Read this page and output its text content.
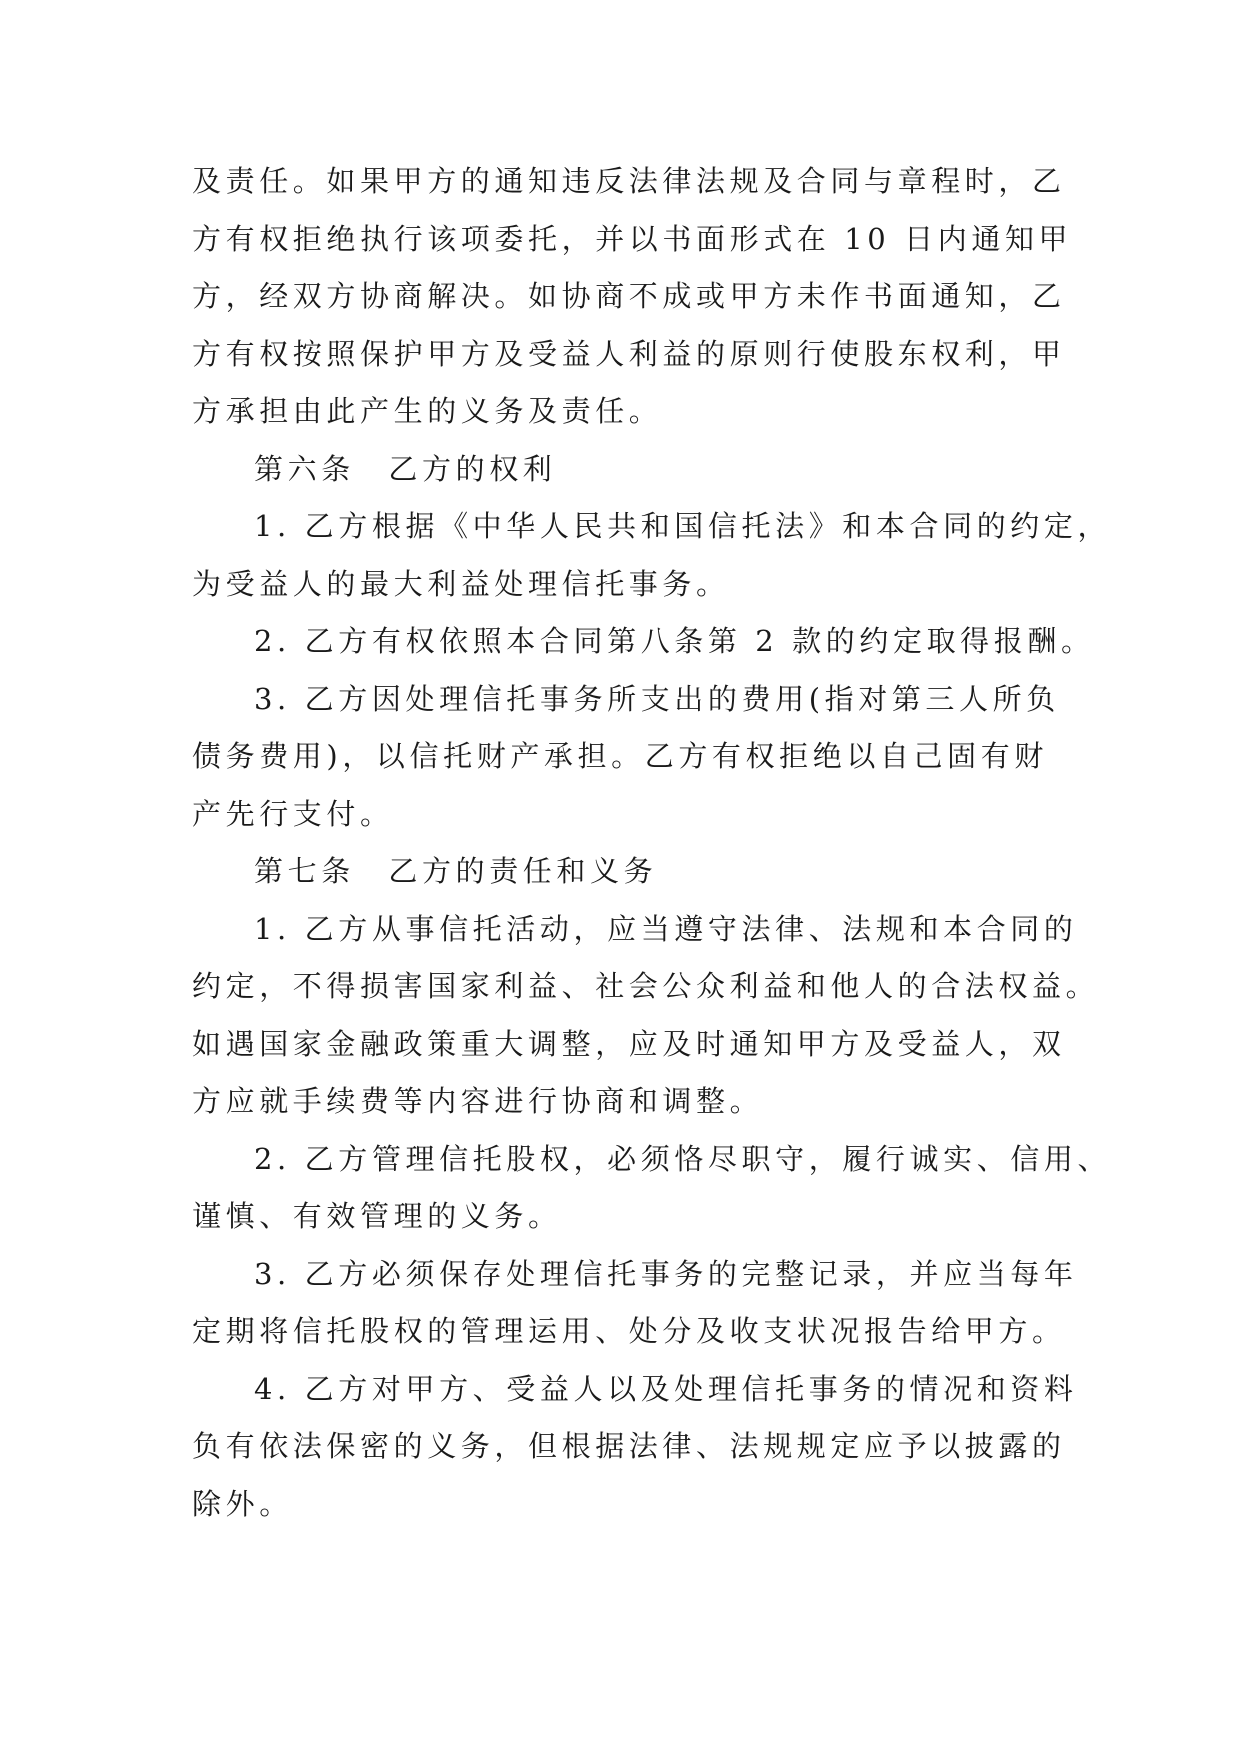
及责任。如果甲方的通知违反法律法规及合同与章程时，乙
方有权拒绝执行该项委托，并以书面形式在 10 日内通知甲
方，经双方协商解决。如协商不成或甲方未作书面通知，乙
方有权按照保护甲方及受益人利益的原则行使股东权利，甲
方承担由此产生的义务及责任。
第六条　乙方的权利
1. 乙方根据《中华人民共和国信托法》和本合同的约定，
为受益人的最大利益处理信托事务。
2. 乙方有权依照本合同第八条第 2 款的约定取得报酬。
3. 乙方因处理信托事务所支出的费用(指对第三人所负
债务费用)，以信托财产承担。乙方有权拒绝以自己固有财
产先行支付。
第七条　乙方的责任和义务
1. 乙方从事信托活动，应当遵守法律、法规和本合同的
约定，不得损害国家利益、社会公众利益和他人的合法权益。
如遇国家金融政策重大调整，应及时通知甲方及受益人，双
方应就手续费等内容进行协商和调整。
2. 乙方管理信托股权，必须恪尽职守，履行诚实、信用、
谨慎、有效管理的义务。
3. 乙方必须保存处理信托事务的完整记录，并应当每年
定期将信托股权的管理运用、处分及收支状况报告给甲方。
4. 乙方对甲方、受益人以及处理信托事务的情况和资料
负有依法保密的义务，但根据法律、法规规定应予以披露的
除外。
